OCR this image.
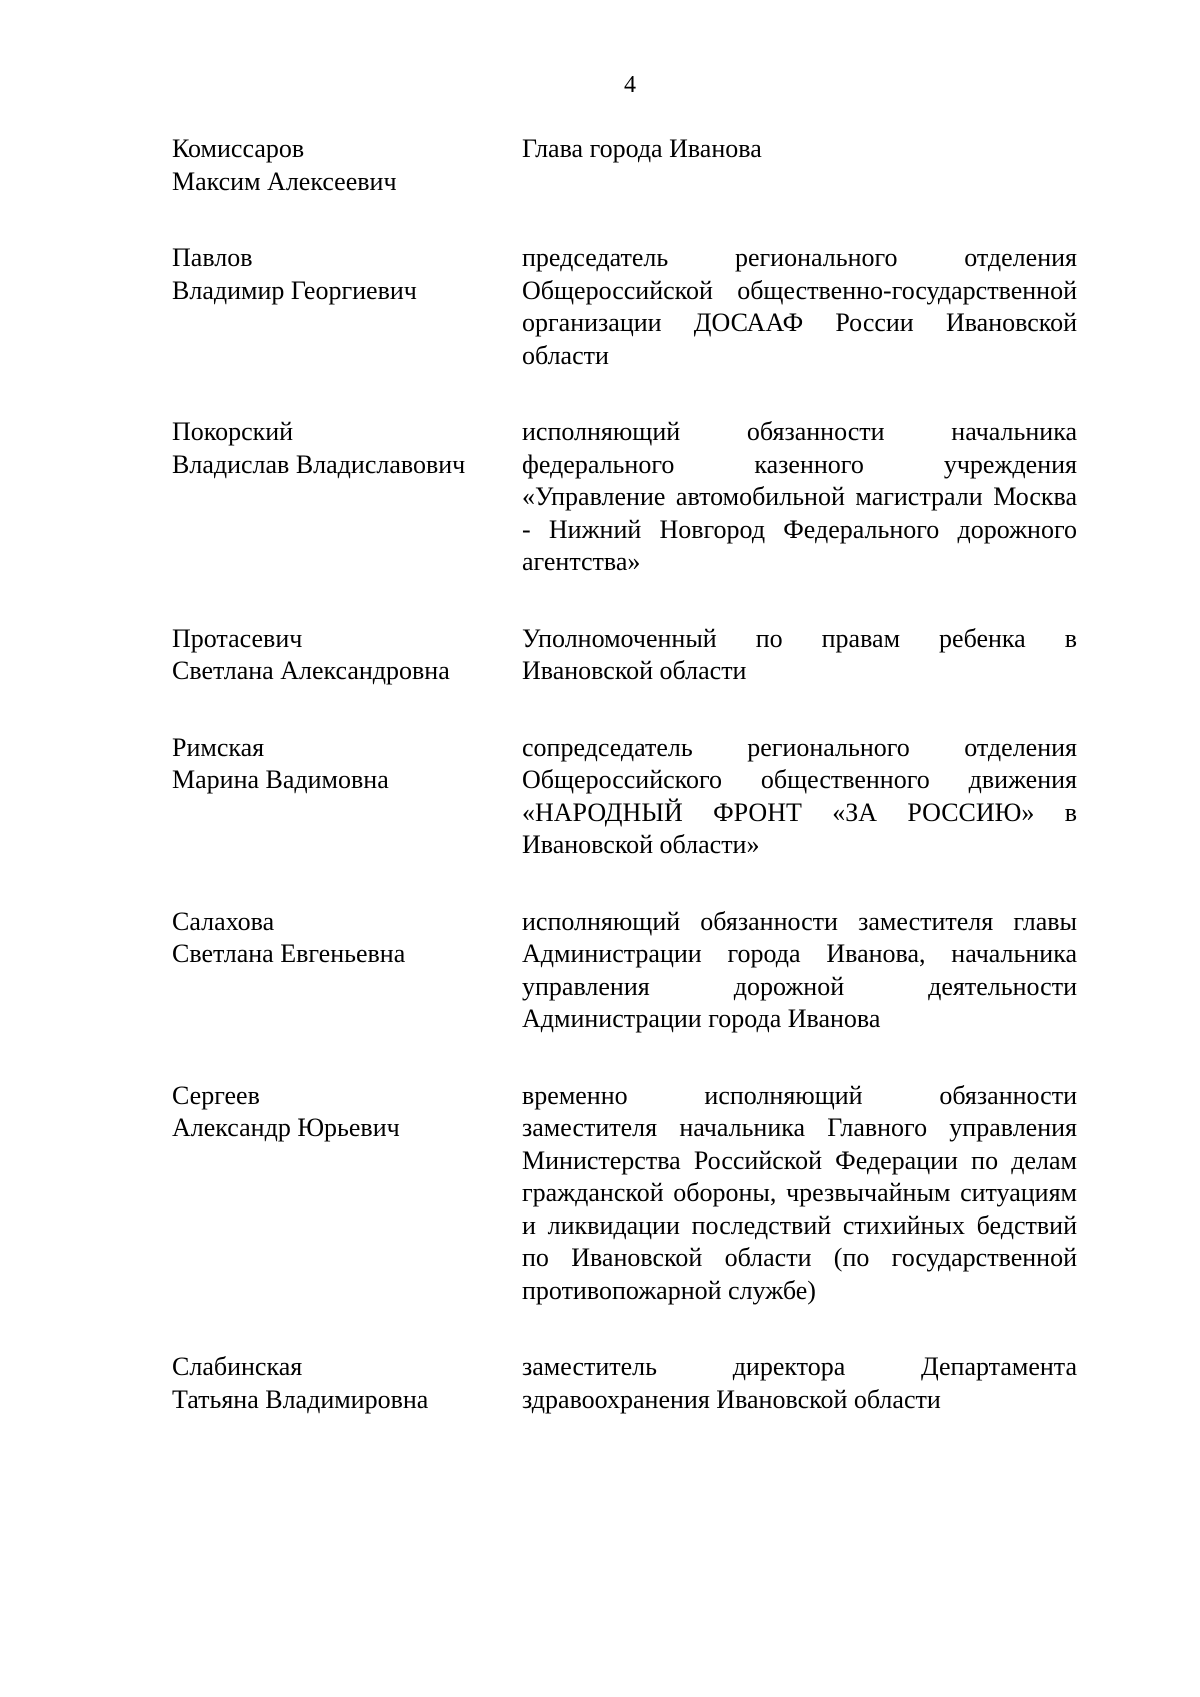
4
Комиссаров
Максим Алексеевич
Глава города Иванова
Павлов
Владимир Георгиевич
председатель регионального отделения Общероссийской общественно-государственной организации ДОСААФ России Ивановской области
Покорский
Владислав Владиславович
исполняющий обязанности начальника федерального казенного учреждения «Управление автомобильной магистрали Москва - Нижний Новгород Федерального дорожного агентства»
Протасевич
Светлана Александровна
Уполномоченный по правам ребенка в Ивановской области
Римская
Марина Вадимовна
сопредседатель регионального отделения Общероссийского общественного движения «НАРОДНЫЙ ФРОНТ «ЗА РОССИЮ» в Ивановской области»
Салахова
Светлана Евгеньевна
исполняющий обязанности заместителя главы Администрации города Иванова, начальника управления дорожной деятельности Администрации города Иванова
Сергеев
Александр Юрьевич
временно исполняющий обязанности заместителя начальника Главного управления Министерства Российской Федерации по делам гражданской обороны, чрезвычайным ситуациям и ликвидации последствий стихийных бедствий по Ивановской области (по государственной противопожарной службе)
Слабинская
Татьяна Владимировна
заместитель директора Департамента здравоохранения Ивановской области
